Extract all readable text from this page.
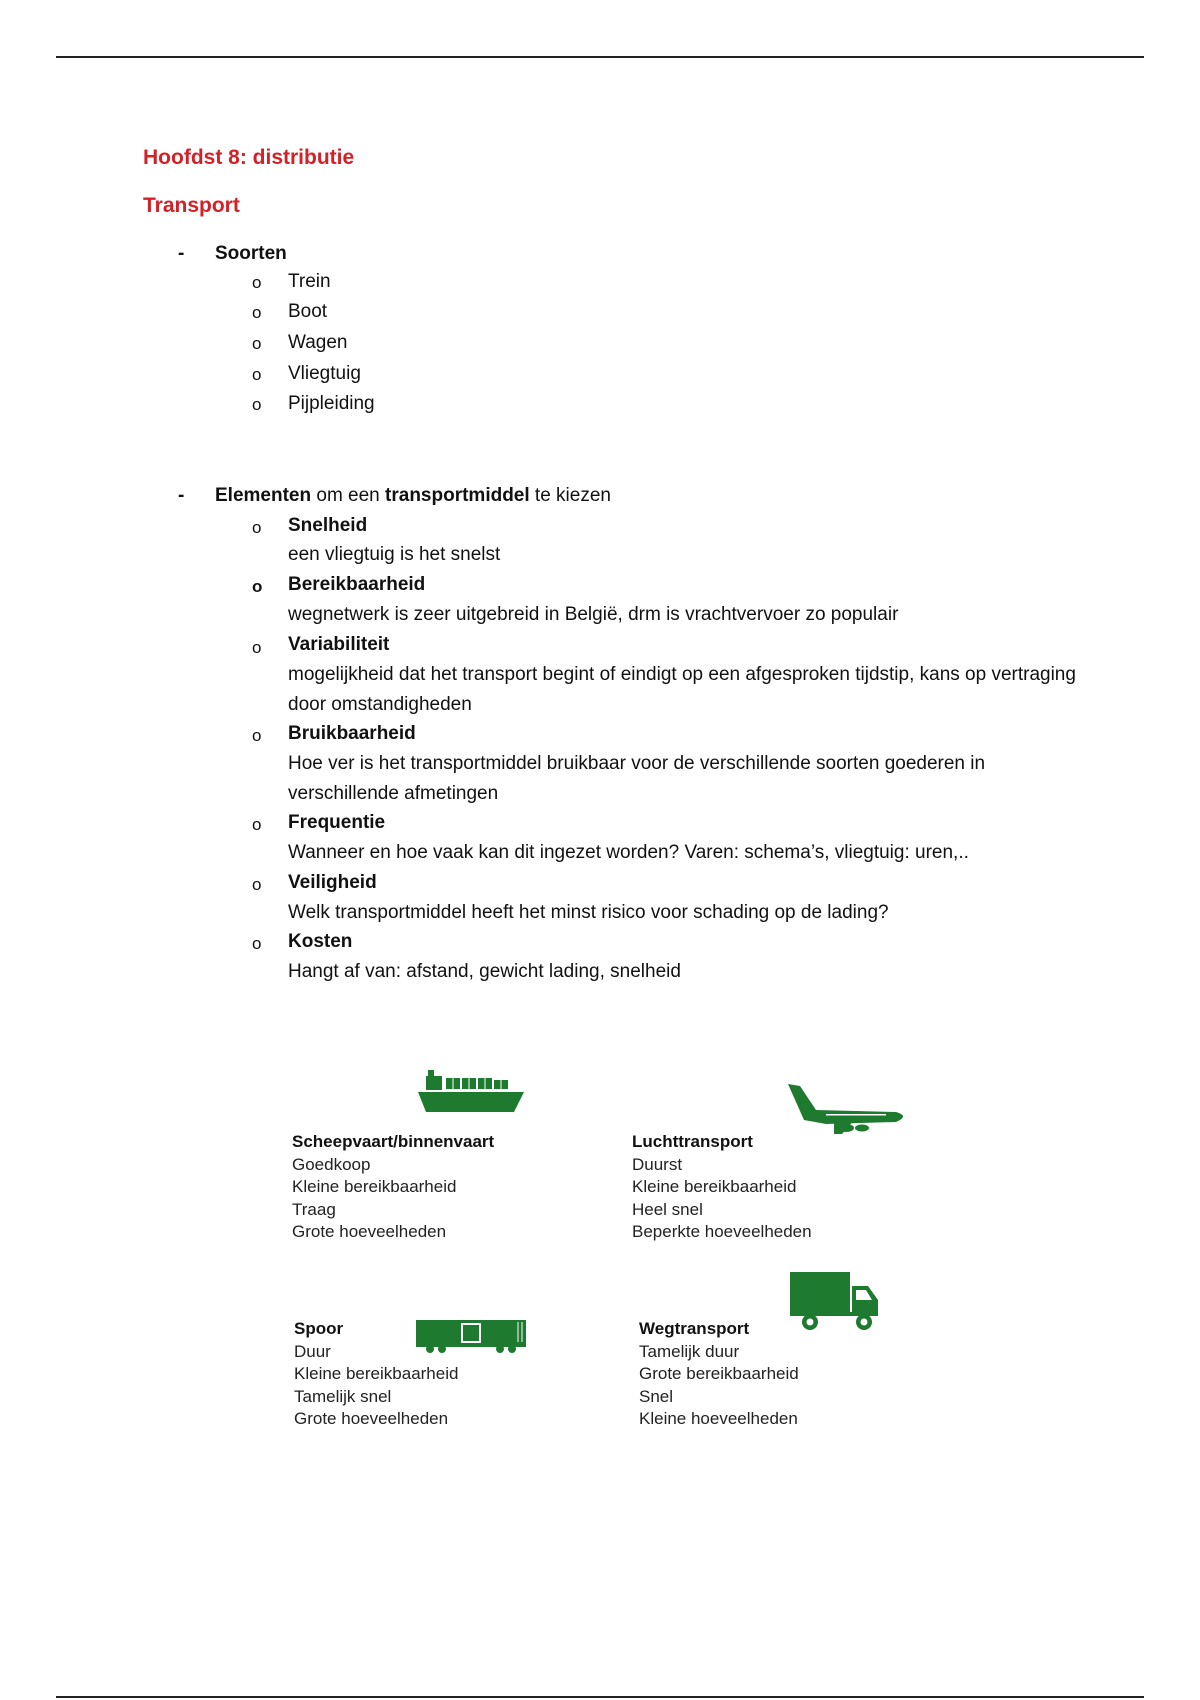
Hoofdst 8: distributie
Transport
- Soorten
o Trein
o Boot
o Wagen
o Vliegtuig
o Pijpleiding
- Elementen om een transportmiddel te kiezen
o Snelheid
een vliegtuig is het snelst
o Bereikbaarheid
wegnetwerk is zeer uitgebreid in België, drm is vrachtvervoer zo populair
o Variabiliteit
mogelijkheid dat het transport begint of eindigt op een afgesproken tijdstip, kans op vertraging door omstandigheden
o Bruikbaarheid
Hoe ver is het transportmiddel bruikbaar voor de verschillende soorten goederen in verschillende afmetingen
o Frequentie
Wanneer en hoe vaak kan dit ingezet worden? Varen: schema’s, vliegtuig: uren,..
o Veiligheid
Welk transportmiddel heeft het minst risico voor schading op de lading?
o Kosten
Hangt af van: afstand, gewicht lading, snelheid
Scheepvaart/binnenvaart
Goedkoop
Kleine bereikbaarheid
Traag
Grote hoeveelheden
Luchttransport
Duurst
Kleine bereikbaarheid
Heel snel
Beperkte hoeveelheden
Spoor
Duur
Kleine bereikbaarheid
Tamelijk snel
Grote hoeveelheden
Wegtransport
Tamelijk duur
Grote bereikbaarheid
Snel
Kleine hoeveelheden
